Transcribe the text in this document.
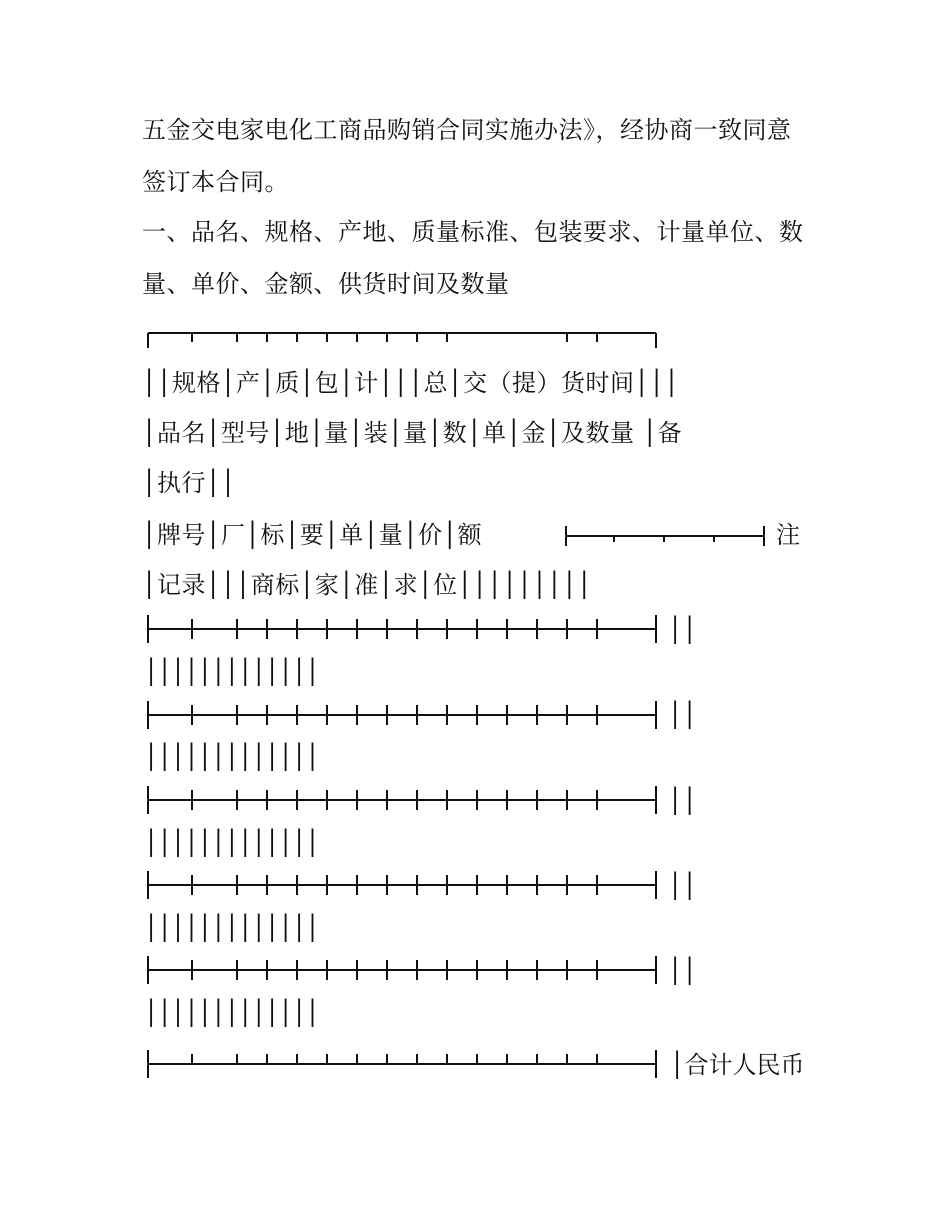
五金交电家电化工商品购销合同实施办法》，经协商一致同意
签订本合同。
一、品名、规格、产地、质量标准、包装要求、计量单位、数
量、单价、金额、供货时间及数量
││规格│产│质│包│计│││总│交（提）货时间│││
│品名│型号│地│量│装│量│数│单│金│及数量 │备
│执行││
│牌号│厂│标│要│单│量│价│额	注
│记录│││商标│家│准│求│位│││││││││
││
│││││││││││││
││
│││││││││││││
││
│││││││││││││
││
│││││││││││││
││
│││││││││││││
│合计人民币
